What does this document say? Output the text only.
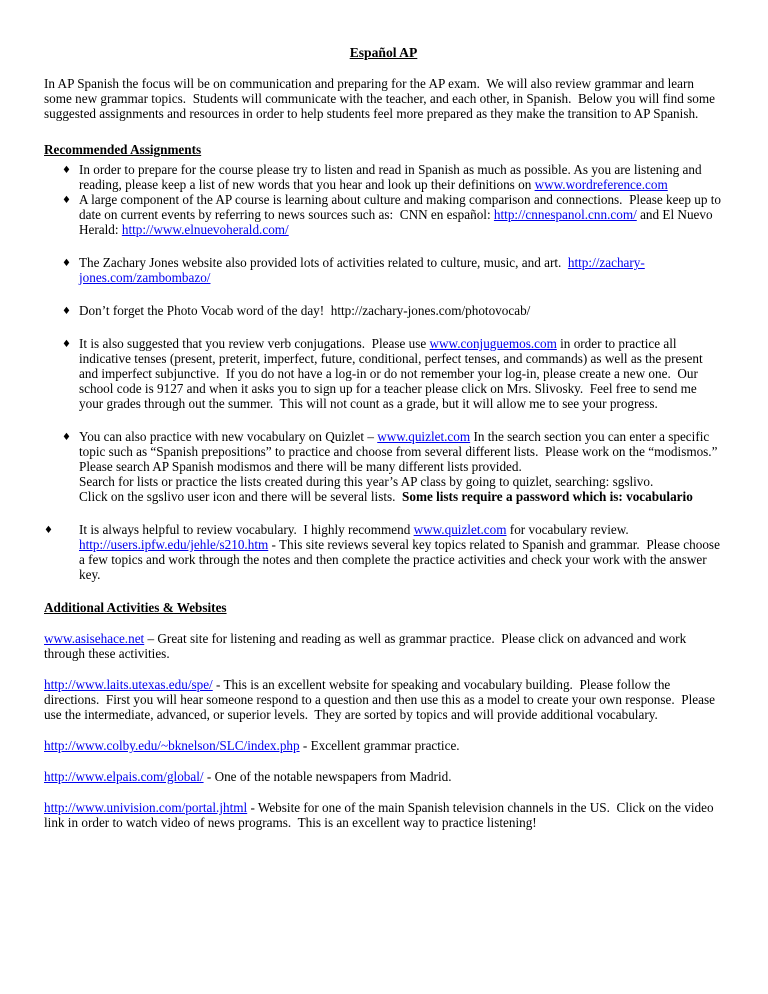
Español AP

In AP Spanish the focus will be on communication and preparing for the AP exam.  We will also review grammar and learn some new grammar topics.  Students will communicate with the teacher, and each other, in Spanish.  Below you will find some suggested assignments and resources in order to help students feel more prepared as they make the transition to AP Spanish.

Recommended Assignments
♦ In order to prepare for the course please try to listen and read in Spanish as much as possible. As you are listening and reading, please keep a list of new words that you hear and look up their definitions on www.wordreference.com
♦ A large component of the AP course is learning about culture and making comparison and connections.  Please keep up to date on current events by referring to news sources such as:  CNN en español: http://cnnespanol.cnn.com/ and El Nuevo Herald: http://www.elnuevoherald.com/
♦ The Zachary Jones website also provided lots of activities related to culture, music, and art.  http://zachary-jones.com/zambombazo/
♦ Don’t forget the Photo Vocab word of the day!  http://zachary-jones.com/photovocab/
♦ It is also suggested that you review verb conjugations.  Please use www.conjuguemos.com in order to practice all indicative tenses (present, preterit, imperfect, future, conditional, perfect tenses, and commands) as well as the present and imperfect subjunctive.  If you do not have a log-in or do not remember your log-in, please create a new one.  Our school code is 9127 and when it asks you to sign up for a teacher please click on Mrs. Slivosky.  Feel free to send me your grades through out the summer.  This will not count as a grade, but it will allow me to see your progress.
♦ You can also practice with new vocabulary on Quizlet – www.quizlet.com In the search section you can enter a specific topic such as “Spanish prepositions” to practice and choose from several different lists.  Please work on the “modismos.”  Please search AP Spanish modismos and there will be many different lists provided.
Search for lists or practice the lists created during this year’s AP class by going to quizlet, searching: sgslivo.
Click on the sgslivo user icon and there will be several lists.  Some lists require a password which is: vocabulario
♦ It is always helpful to review vocabulary.  I highly recommend www.quizlet.com for vocabulary review. http://users.ipfw.edu/jehle/s210.htm - This site reviews several key topics related to Spanish and grammar.  Please choose a few topics and work through the notes and then complete the practice activities and check your work with the answer key.
Additional Activities & Websites

www.asisehace.net – Great site for listening and reading as well as grammar practice.  Please click on advanced and work through these activities.

http://www.laits.utexas.edu/spe/ - This is an excellent website for speaking and vocabulary building.  Please follow the directions.  First you will hear someone respond to a question and then use this as a model to create your own response.  Please use the intermediate, advanced, or superior levels.  They are sorted by topics and will provide additional vocabulary.

http://www.colby.edu/~bknelson/SLC/index.php - Excellent grammar practice.

http://www.elpais.com/global/ - One of the notable newspapers from Madrid.

http://www.univision.com/portal.jhtml - Website for one of the main Spanish television channels in the US.  Click on the video link in order to watch video of news programs.  This is an excellent way to practice listening!
